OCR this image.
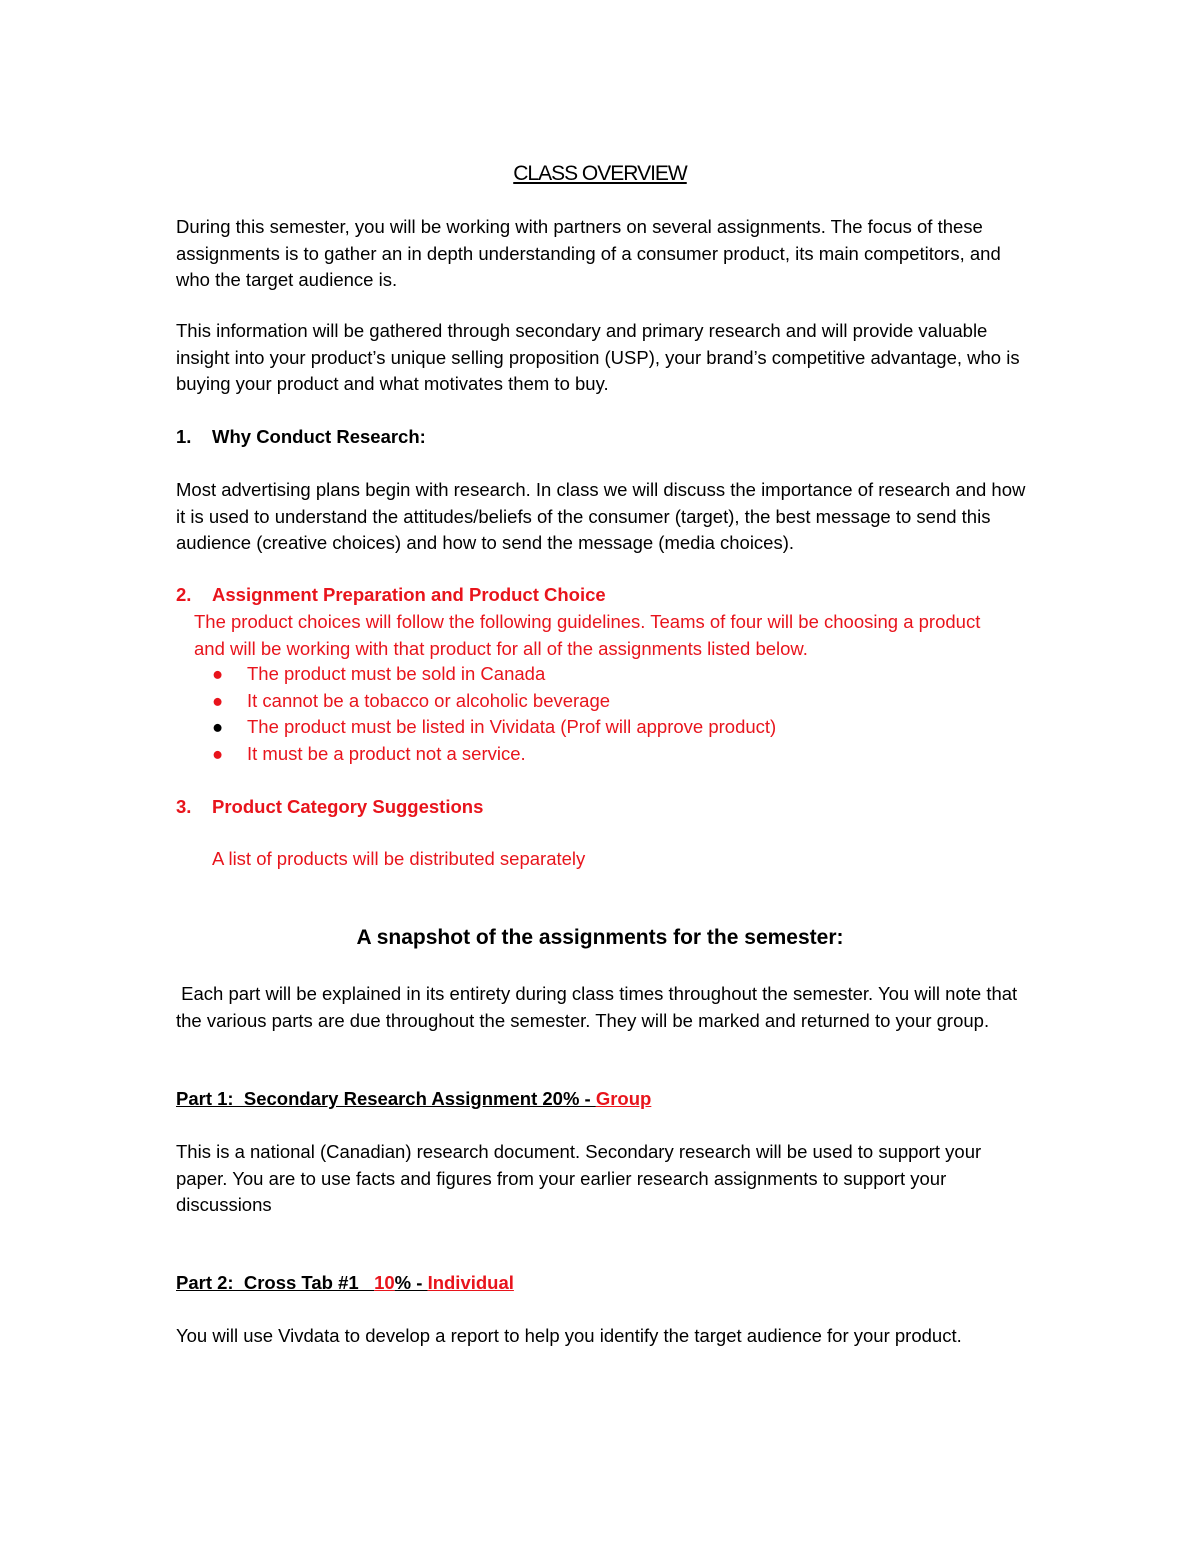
CLASS OVERVIEW

During this semester, you will be working with partners on several assignments. The focus of these assignments is to gather an in depth understanding of a consumer product, its main competitors, and who the target audience is.

This information will be gathered through secondary and primary research and will provide valuable insight into your product’s unique selling proposition (USP), your brand’s competitive advantage, who is buying your product and what motivates them to buy.

1. Why Conduct Research:

Most advertising plans begin with research. In class we will discuss the importance of research and how it is used to understand the attitudes/beliefs of the consumer (target), the best message to send this audience (creative choices) and how to send the message (media choices).

2. Assignment Preparation and Product Choice

The product choices will follow the following guidelines. Teams of four will be choosing a product and will be working with that product for all of the assignments listed below.

● The product must be sold in Canada
● It cannot be a tobacco or alcoholic beverage
● The product must be listed in Vividata (Prof will approve product)
● It must be a product not a service.

3. Product Category Suggestions

A list of products will be distributed separately

A snapshot of the assignments for the semester:

Each part will be explained in its entirety during class times throughout the semester. You will note that the various parts are due throughout the semester. They will be marked and returned to your group.

Part 1:  Secondary Research Assignment 20% - Group

This is a national (Canadian) research document. Secondary research will be used to support your paper. You are to use facts and figures from your earlier research assignments to support your discussions

Part 2:  Cross Tab #1   10% - Individual

You will use Vivdata to develop a report to help you identify the target audience for your product.
